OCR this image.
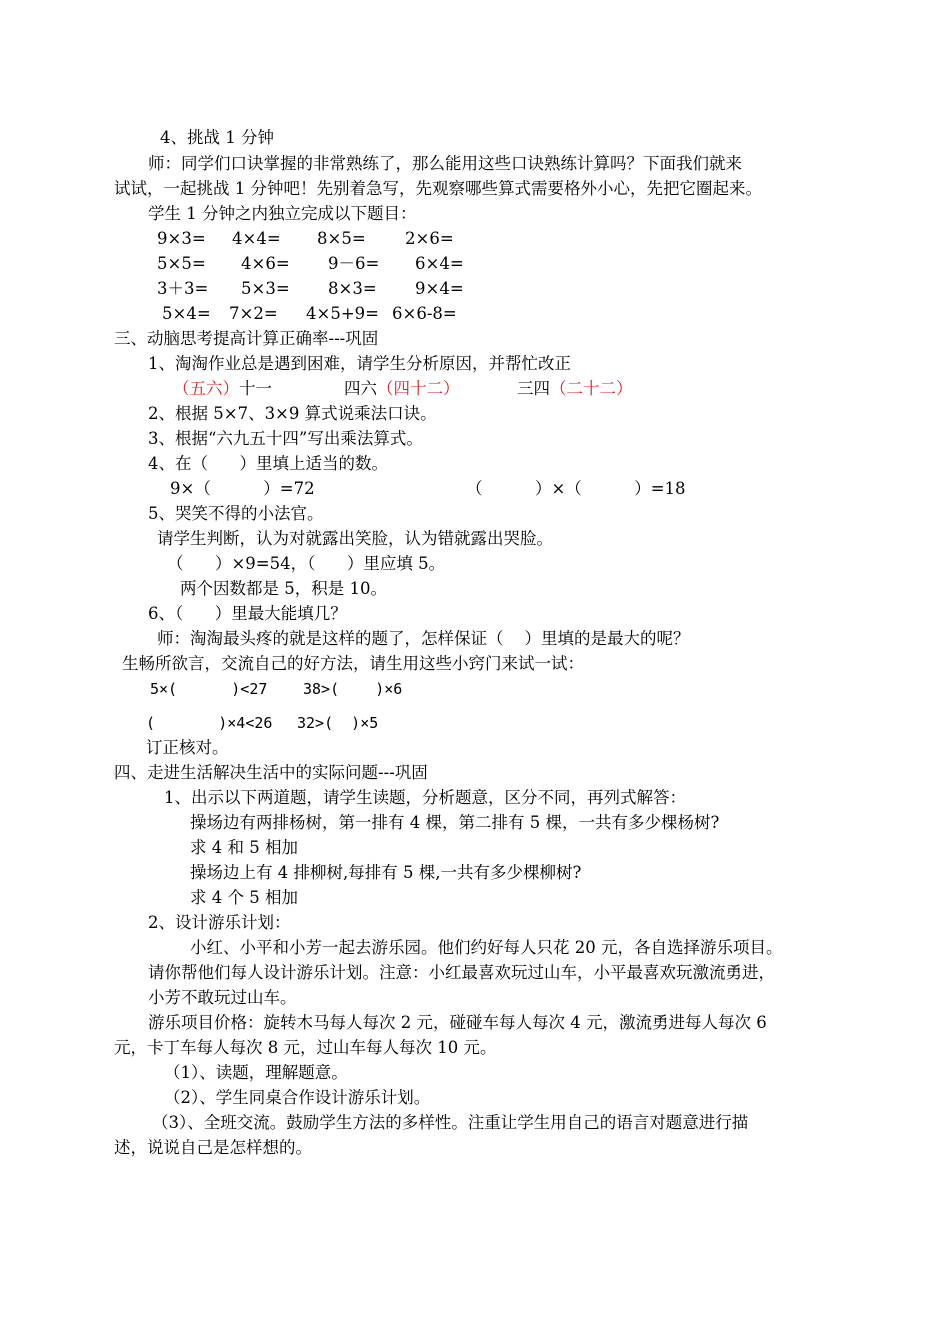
4、挑战 1 分钟
师：同学们口诀掌握的非常熟练了，那么能用这些口诀熟练计算吗？下面我们就来
试试，一起挑战 1 分钟吧！先别着急写，先观察哪些算式需要格外小心，先把它圈起来。
学生 1 分钟之内独立完成以下题目：
9×3= 4×4= 8×5= 2×6=
5×5= 4×6= 9－6= 6×4=
3＋3= 5×3= 8×3= 9×4=
5×4= 7×2= 4×5+9= 6×6-8=
三、动脑思考提高计算正确率---巩固
1、淘淘作业总是遇到困难，请学生分析原因，并帮忙改正
（五六）十一	四六（四十二）	三四（二十二）
2、根据 5×7、3×9 算式说乘法口诀。
3、根据“六九五十四”写出乘法算式。
4、在（      ）里填上适当的数。
9×（          ）=72	（          ）×（          ）=18
5、哭笑不得的小法官。
请学生判断，认为对就露出笑脸，认为错就露出哭脸。
（      ）×9=54，（      ）里应填 5。
两个因数都是 5，积是 10。
6、（      ）里最大能填几？
师：淘淘最头疼的就是这样的题了，怎样保证（    ）里填的是最大的呢？
生畅所欲言，交流自己的好方法，请生用这些小窍门来试一试：
5×(      )<27 38>(    )×6
(       )×4<26 32>(  )×5
订正核对。
四、走进生活解决生活中的实际问题---巩固
1、出示以下两道题，请学生读题，分析题意，区分不同，再列式解答：
操场边有两排杨树，第一排有 4 棵，第二排有 5 棵，一共有多少棵杨树?
求 4 和 5 相加
操场边上有 4 排柳树,每排有 5 棵,一共有多少棵柳树?
求 4 个 5 相加
2、设计游乐计划：
小红、小平和小芳一起去游乐园。他们约好每人只花 20 元，各自选择游乐项目。
请你帮他们每人设计游乐计划。注意：小红最喜欢玩过山车，小平最喜欢玩激流勇进，
小芳不敢玩过山车。
游乐项目价格：旋转木马每人每次 2 元，碰碰车每人每次 4 元，激流勇进每人每次 6
元，卡丁车每人每次 8 元，过山车每人每次 10 元。
（1）、读题，理解题意。
（2）、学生同桌合作设计游乐计划。
（3）、全班交流。鼓励学生方法的多样性。注重让学生用自己的语言对题意进行描
述，说说自己是怎样想的。
